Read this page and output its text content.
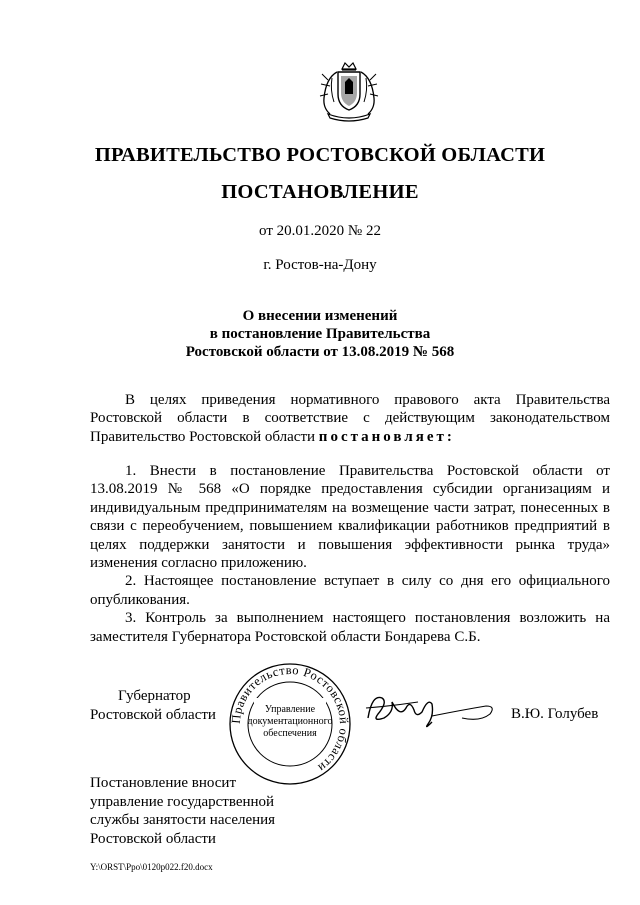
ПРАВИТЕЛЬСТВО РОСТОВСКОЙ ОБЛАСТИ
ПОСТАНОВЛЕНИЕ
от 20.01.2020 № 22
г. Ростов-на-Дону
О внесении изменений
в постановление Правительства
Ростовской области от 13.08.2019 № 568

В целях приведения нормативного правового акта Правительства Ростовской области в соответствие с действующим законодательством Правительство Ростовской области постановляет:

1. Внести в постановление Правительства Ростовской области от 13.08.2019 № 568 «О порядке предоставления субсидии организациям и индивидуальным предпринимателям на возмещение части затрат, понесенных в связи с переобучением, повышением квалификации работников предприятий в целях поддержки занятости и повышения эффективности рынка труда» изменения согласно приложению.

2. Настоящее постановление вступает в силу со дня его официального опубликования.

3. Контроль за выполнением настоящего постановления возложить на заместителя Губернатора Ростовской области Бондарева С.Б.

Губернатор
Ростовской области	Правительство Ростовской области
Управление
документационного
обеспечения
В.Ю. Голубев
Постановление вносит
управление государственной
службы занятости населения
Ростовской области
Y:\ORST\Ppo\0120p022.f20.docx
